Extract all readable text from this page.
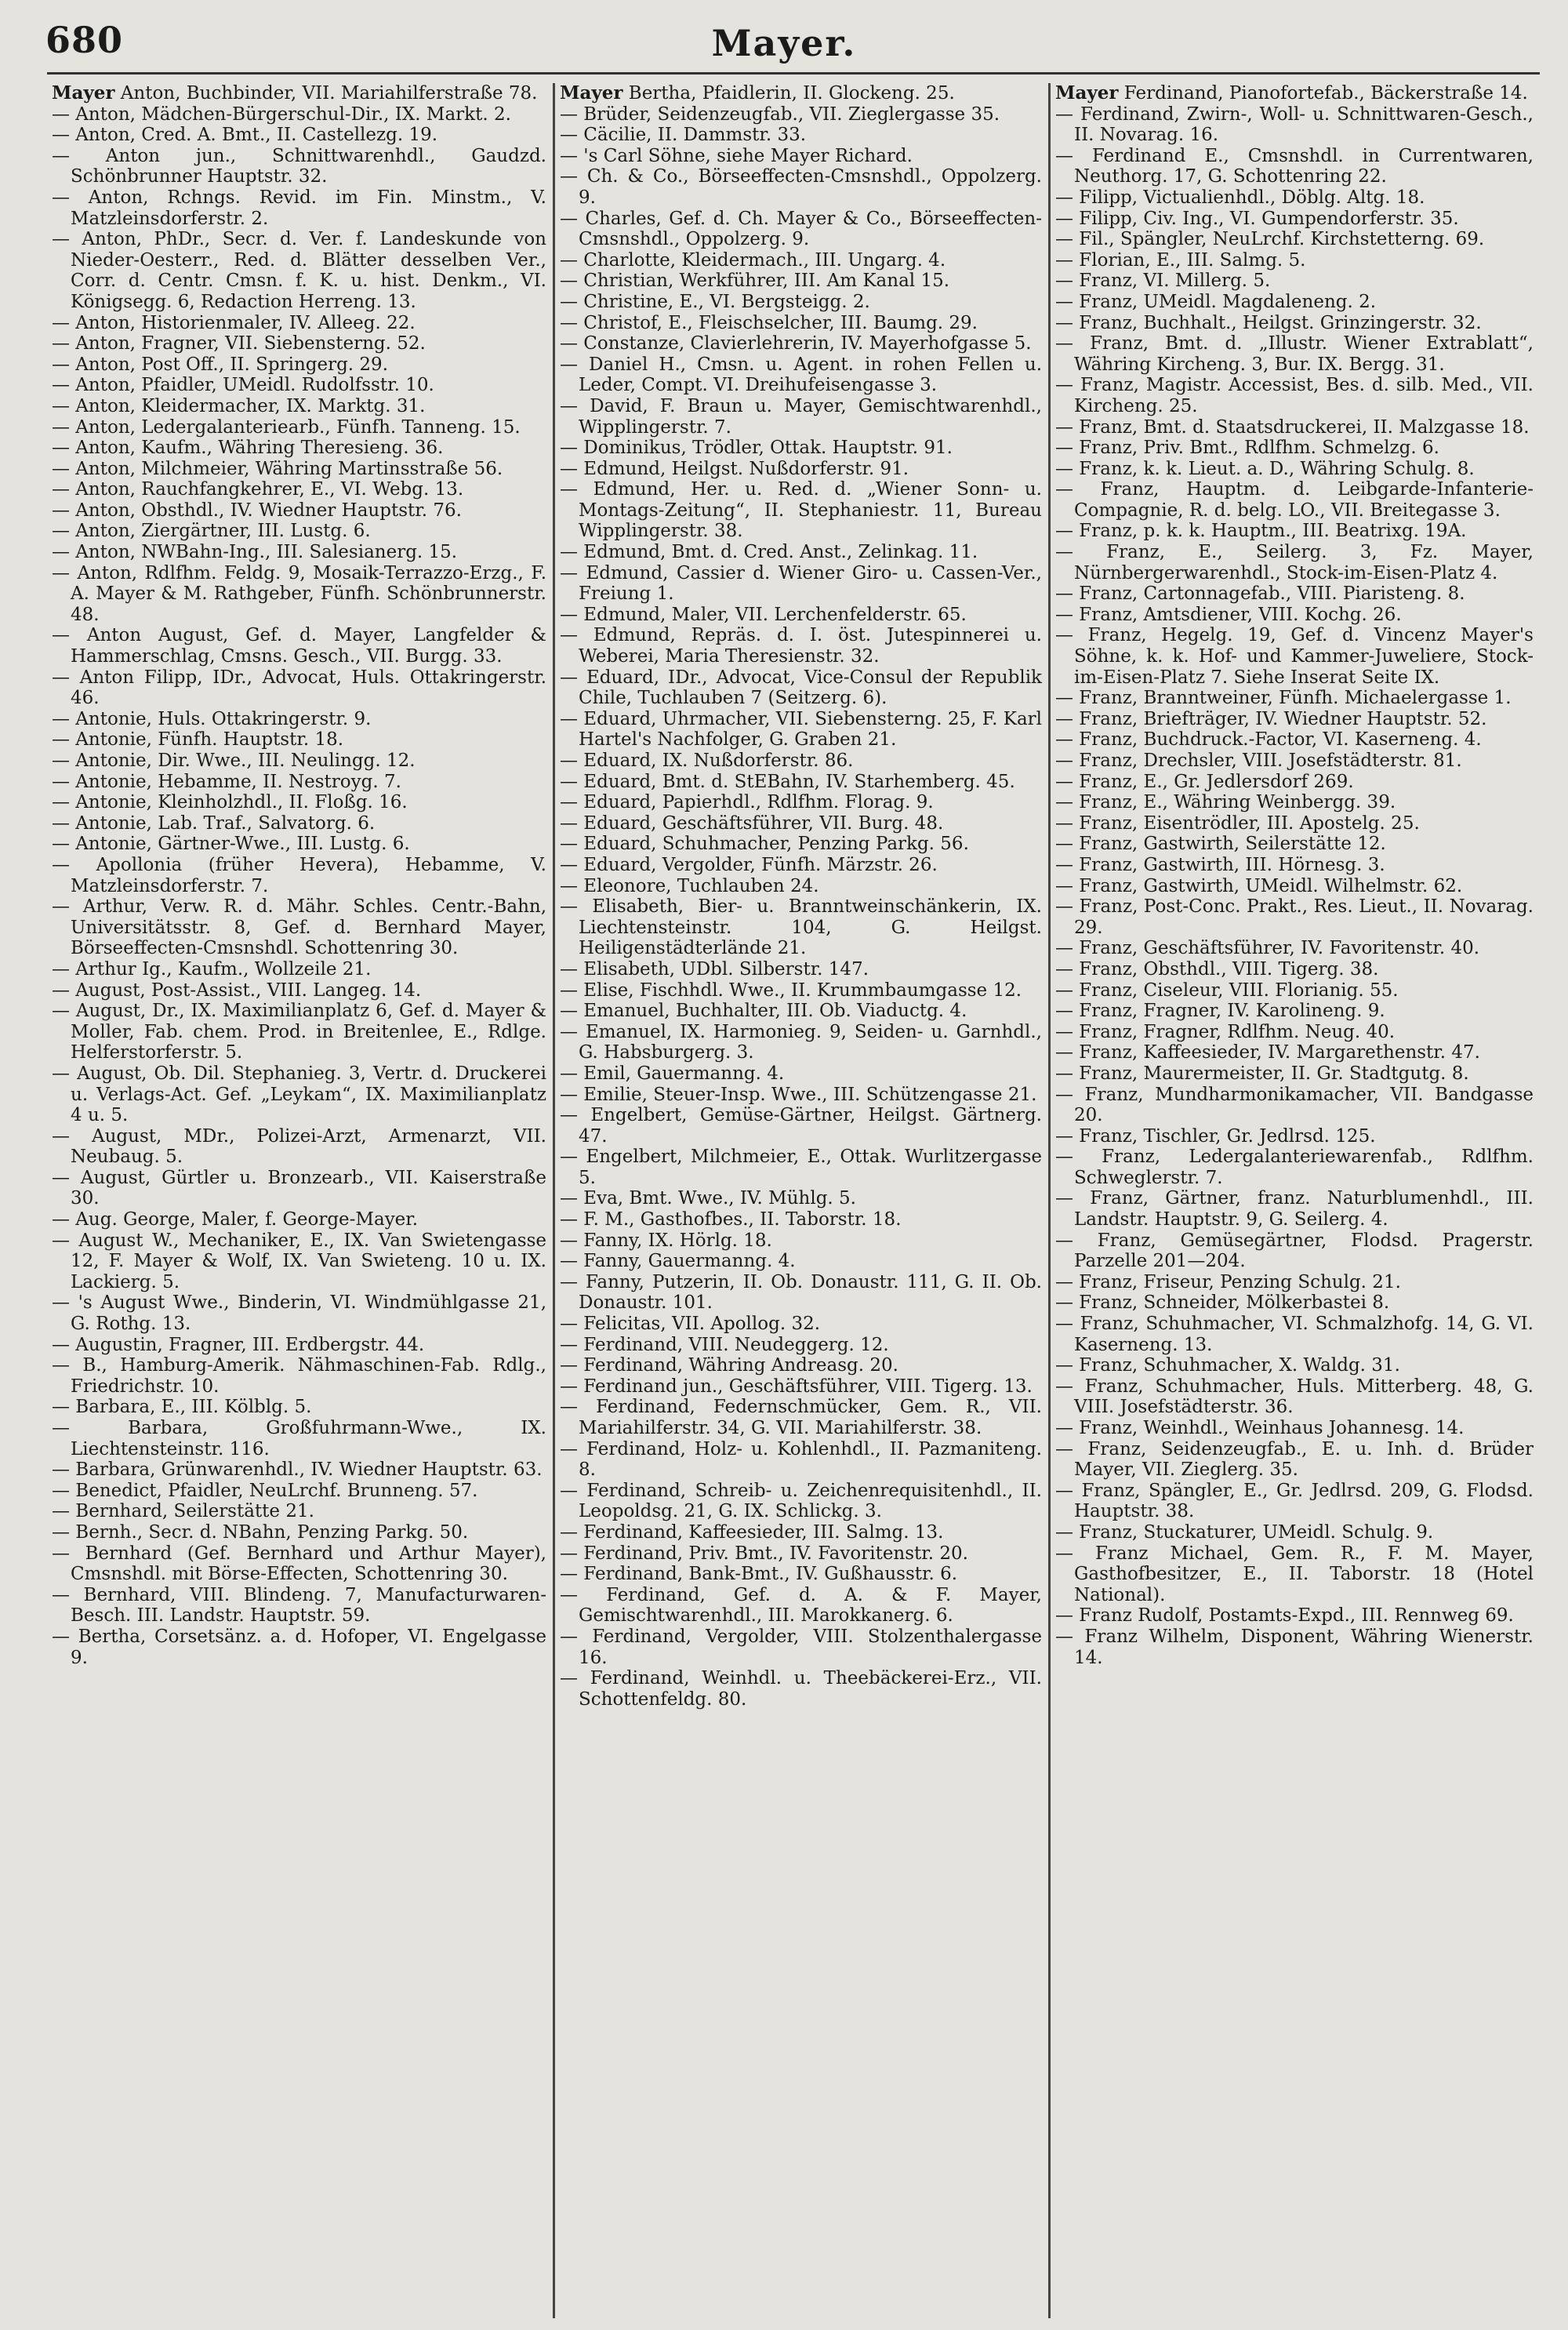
680	Mayer.
Mayer Anton, Buchbinder, VII. Mariahilferstraße 78.
— Anton, Mädchen-Bürgerschul-Dir., IX. Markt. 2.
— Anton, Cred. A. Bmt., II. Castellezg. 19.
— Anton jun., Schnittwarenhdl., Gaudzd. Schönbrunner Hauptstr. 32.
— Anton, Rchngs. Revid. im Fin. Minstm., V. Matzleinsdorferstr. 2.
— Anton, PhDr., Secr. d. Ver. f. Landeskunde von Nieder-Oesterr., Red. d. Blätter desselben Ver., Corr. d. Centr. Cmsn. f. K. u. hist. Denkm., VI. Königsegg. 6, Redaction Herreng. 13.
— Anton, Historienmaler, IV. Alleeg. 22.
— Anton, Fragner, VII. Siebensterng. 52.
— Anton, Post Off., II. Springerg. 29.
— Anton, Pfaidler, UMeidl. Rudolfsstr. 10.
— Anton, Kleidermacher, IX. Marktg. 31.
— Anton, Ledergalanteriearb., Fünfh. Tanneng. 15.
— Anton, Kaufm., Währing Theresieng. 36.
— Anton, Milchmeier, Währing Martinsstraße 56.
— Anton, Rauchfangkehrer, E., VI. Webg. 13.
— Anton, Obsthdl., IV. Wiedner Hauptstr. 76.
— Anton, Ziergärtner, III. Lustg. 6.
— Anton, NWBahn-Ing., III. Salesianerg. 15.
— Anton, Rdlfhm. Feldg. 9, Mosaik-Terrazzo-Erzg., F. A. Mayer & M. Rathgeber, Fünfh. Schönbrunnerstr. 48.
— Anton August, Gef. d. Mayer, Langfelder & Hammerschlag, Cmsns. Gesch., VII. Burgg. 33.
— Anton Filipp, IDr., Advocat, Huls. Ottakringerstr. 46.
— Antonie, Huls. Ottakringerstr. 9.
— Antonie, Fünfh. Hauptstr. 18.
— Antonie, Dir. Wwe., III. Neulingg. 12.
— Antonie, Hebamme, II. Nestroyg. 7.
— Antonie, Kleinholzhdl., II. Floßg. 16.
— Antonie, Lab. Traf., Salvatorg. 6.
— Antonie, Gärtner-Wwe., III. Lustg. 6.
— Apollonia (früher Hevera), Hebamme, V. Matzleinsdorferstr. 7.
— Arthur, Verw. R. d. Mähr. Schles. Centr.-Bahn, Universitätsstr. 8, Gef. d. Bernhard Mayer, Börseeffecten-Cmsnshdl. Schottenring 30.
— Arthur Ig., Kaufm., Wollzeile 21.
— August, Post-Assist., VIII. Langeg. 14.
— August, Dr., IX. Maximilianplatz 6, Gef. d. Mayer & Moller, Fab. chem. Prod. in Breitenlee, E., Rdlge. Helferstorferstr. 5.
— August, Ob. Dil. Stephanieg. 3, Vertr. d. Druckerei u. Verlags-Act. Gef. „Leykam“, IX. Maximilianplatz 4 u. 5.
— August, MDr., Polizei-Arzt, Armenarzt, VII. Neubaug. 5.
— August, Gürtler u. Bronzearb., VII. Kaiserstraße 30.
— Aug. George, Maler, f. George-Mayer.
— August W., Mechaniker, E., IX. Van Swietengasse 12, F. Mayer & Wolf, IX. Van Swieteng. 10 u. IX. Lackierg. 5.
— 's August Wwe., Binderin, VI. Windmühlgasse 21, G. Rothg. 13.
— Augustin, Fragner, III. Erdbergstr. 44.
— B., Hamburg-Amerik. Nähmaschinen-Fab. Rdlg., Friedrichstr. 10.
— Barbara, E., III. Kölblg. 5.
— Barbara, Großfuhrmann-Wwe., IX. Liechtensteinstr. 116.
— Barbara, Grünwarenhdl., IV. Wiedner Hauptstr. 63.
— Benedict, Pfaidler, NeuLrchf. Brunneng. 57.
— Bernhard, Seilerstätte 21.
— Bernh., Secr. d. NBahn, Penzing Parkg. 50.
— Bernhard (Gef. Bernhard und Arthur Mayer), Cmsnshdl. mit Börse-Effecten, Schottenring 30.
— Bernhard, VIII. Blindeng. 7, Manufacturwaren-Besch. III. Landstr. Hauptstr. 59.
— Bertha, Corsetsänz. a. d. Hofoper, VI. Engelgasse 9.
Mayer Bertha, Pfaidlerin, II. Glockeng. 25.
— Brüder, Seidenzeugfab., VII. Zieglergasse 35.
— Cäcilie, II. Dammstr. 33.
— 's Carl Söhne, siehe Mayer Richard.
— Ch. & Co., Börseeffecten-Cmsnshdl., Oppolzerg. 9.
— Charles, Gef. d. Ch. Mayer & Co., Börseeffecten-Cmsnshdl., Oppolzerg. 9.
— Charlotte, Kleidermach., III. Ungarg. 4.
— Christian, Werkführer, III. Am Kanal 15.
— Christine, E., VI. Bergsteigg. 2.
— Christof, E., Fleischselcher, III. Baumg. 29.
— Constanze, Clavierlehrerin, IV. Mayerhofgasse 5.
— Daniel H., Cmsn. u. Agent. in rohen Fellen u. Leder, Compt. VI. Dreihufeisengasse 3.
— David, F. Braun u. Mayer, Gemischtwarenhdl., Wipplingerstr. 7.
— Dominikus, Trödler, Ottak. Hauptstr. 91.
— Edmund, Heilgst. Nußdorferstr. 91.
— Edmund, Her. u. Red. d. „Wiener Sonn- u. Montags-Zeitung“, II. Stephaniestr. 11, Bureau Wipplingerstr. 38.
— Edmund, Bmt. d. Cred. Anst., Zelinkag. 11.
— Edmund, Cassier d. Wiener Giro- u. Cassen-Ver., Freiung 1.
— Edmund, Maler, VII. Lerchenfelderstr. 65.
— Edmund, Repräs. d. I. öst. Jutespinnerei u. Weberei, Maria Theresienstr. 32.
— Eduard, IDr., Advocat, Vice-Consul der Republik Chile, Tuchlauben 7 (Seitzerg. 6).
— Eduard, Uhrmacher, VII. Siebensterng. 25, F. Karl Hartel's Nachfolger, G. Graben 21.
— Eduard, IX. Nußdorferstr. 86.
— Eduard, Bmt. d. StEBahn, IV. Starhemberg. 45.
— Eduard, Papierhdl., Rdlfhm. Florag. 9.
— Eduard, Geschäftsführer, VII. Burg. 48.
— Eduard, Schuhmacher, Penzing Parkg. 56.
— Eduard, Vergolder, Fünfh. Märzstr. 26.
— Eleonore, Tuchlauben 24.
— Elisabeth, Bier- u. Branntweinschänkerin, IX. Liechtensteinstr. 104, G. Heilgst. Heiligenstädterlände 21.
— Elisabeth, UDbl. Silberstr. 147.
— Elise, Fischhdl. Wwe., II. Krummbaumgasse 12.
— Emanuel, Buchhalter, III. Ob. Viaductg. 4.
— Emanuel, IX. Harmonieg. 9, Seiden- u. Garnhdl., G. Habsburgerg. 3.
— Emil, Gauermanng. 4.
— Emilie, Steuer-Insp. Wwe., III. Schützengasse 21.
— Engelbert, Gemüse-Gärtner, Heilgst. Gärtnerg. 47.
— Engelbert, Milchmeier, E., Ottak. Wurlitzergasse 5.
— Eva, Bmt. Wwe., IV. Mühlg. 5.
— F. M., Gasthofbes., II. Taborstr. 18.
— Fanny, IX. Hörlg. 18.
— Fanny, Gauermanng. 4.
— Fanny, Putzerin, II. Ob. Donaustr. 111, G. II. Ob. Donaustr. 101.
— Felicitas, VII. Apollog. 32.
— Ferdinand, VIII. Neudeggerg. 12.
— Ferdinand, Währing Andreasg. 20.
— Ferdinand jun., Geschäftsführer, VIII. Tigerg. 13.
— Ferdinand, Federnschmücker, Gem. R., VII. Mariahilferstr. 34, G. VII. Mariahilferstr. 38.
— Ferdinand, Holz- u. Kohlenhdl., II. Pazmaniteng. 8.
— Ferdinand, Schreib- u. Zeichenrequisitenhdl., II. Leopoldsg. 21, G. IX. Schlickg. 3.
— Ferdinand, Kaffeesieder, III. Salmg. 13.
— Ferdinand, Priv. Bmt., IV. Favoritenstr. 20.
— Ferdinand, Bank-Bmt., IV. Gußhausstr. 6.
— Ferdinand, Gef. d. A. & F. Mayer, Gemischtwarenhdl., III. Marokkanerg. 6.
— Ferdinand, Vergolder, VIII. Stolzenthalergasse 16.
— Ferdinand, Weinhdl. u. Theebäckerei-Erz., VII. Schottenfeldg. 80.
Mayer Ferdinand, Pianofortefab., Bäckerstraße 14.
— Ferdinand, Zwirn-, Woll- u. Schnittwaren-Gesch., II. Novarag. 16.
— Ferdinand E., Cmsnshdl. in Currentwaren, Neuthorg. 17, G. Schottenring 22.
— Filipp, Victualienhdl., Döblg. Altg. 18.
— Filipp, Civ. Ing., VI. Gumpendorferstr. 35.
— Fil., Spängler, NeuLrchf. Kirchstetterng. 69.
— Florian, E., III. Salmg. 5.
— Franz, VI. Millerg. 5.
— Franz, UMeidl. Magdaleneng. 2.
— Franz, Buchhalt., Heilgst. Grinzingerstr. 32.
— Franz, Bmt. d. „Illustr. Wiener Extrablatt“, Währing Kircheng. 3, Bur. IX. Bergg. 31.
— Franz, Magistr. Accessist, Bes. d. silb. Med., VII. Kircheng. 25.
— Franz, Bmt. d. Staatsdruckerei, II. Malzgasse 18.
— Franz, Priv. Bmt., Rdlfhm. Schmelzg. 6.
— Franz, k. k. Lieut. a. D., Währing Schulg. 8.
— Franz, Hauptm. d. Leibgarde-Infanterie-Compagnie, R. d. belg. LO., VII. Breitegasse 3.
— Franz, p. k. k. Hauptm., III. Beatrixg. 19A.
— Franz, E., Seilerg. 3, Fz. Mayer, Nürnbergerwarenhdl., Stock-im-Eisen-Platz 4.
— Franz, Cartonnagefab., VIII. Piaristeng. 8.
— Franz, Amtsdiener, VIII. Kochg. 26.
— Franz, Hegelg. 19, Gef. d. Vincenz Mayer's Söhne, k. k. Hof- und Kammer-Juweliere, Stock-im-Eisen-Platz 7. Siehe Inserat Seite IX.
— Franz, Branntweiner, Fünfh. Michaelergasse 1.
— Franz, Briefträger, IV. Wiedner Hauptstr. 52.
— Franz, Buchdruck.-Factor, VI. Kaserneng. 4.
— Franz, Drechsler, VIII. Josefstädterstr. 81.
— Franz, E., Gr. Jedlersdorf 269.
— Franz, E., Währing Weinbergg. 39.
— Franz, Eisentrödler, III. Apostelg. 25.
— Franz, Gastwirth, Seilerstätte 12.
— Franz, Gastwirth, III. Hörnesg. 3.
— Franz, Gastwirth, UMeidl. Wilhelmstr. 62.
— Franz, Post-Conc. Prakt., Res. Lieut., II. Novarag. 29.
— Franz, Geschäftsführer, IV. Favoritenstr. 40.
— Franz, Obsthdl., VIII. Tigerg. 38.
— Franz, Ciseleur, VIII. Florianig. 55.
— Franz, Fragner, IV. Karolineng. 9.
— Franz, Fragner, Rdlfhm. Neug. 40.
— Franz, Kaffeesieder, IV. Margarethenstr. 47.
— Franz, Maurermeister, II. Gr. Stadtgutg. 8.
— Franz, Mundharmonikamacher, VII. Bandgasse 20.
— Franz, Tischler, Gr. Jedlrsd. 125.
— Franz, Ledergalanteriewarenfab., Rdlfhm. Schweglerstr. 7.
— Franz, Gärtner, franz. Naturblumenhdl., III. Landstr. Hauptstr. 9, G. Seilerg. 4.
— Franz, Gemüsegärtner, Flodsd. Pragerstr. Parzelle 201—204.
— Franz, Friseur, Penzing Schulg. 21.
— Franz, Schneider, Mölkerbastei 8.
— Franz, Schuhmacher, VI. Schmalzhofg. 14, G. VI. Kaserneng. 13.
— Franz, Schuhmacher, X. Waldg. 31.
— Franz, Schuhmacher, Huls. Mitterberg. 48, G. VIII. Josefstädterstr. 36.
— Franz, Weinhdl., Weinhaus Johannesg. 14.
— Franz, Seidenzeugfab., E. u. Inh. d. Brüder Mayer, VII. Zieglerg. 35.
— Franz, Spängler, E., Gr. Jedlrsd. 209, G. Flodsd. Hauptstr. 38.
— Franz, Stuckaturer, UMeidl. Schulg. 9.
— Franz Michael, Gem. R., F. M. Mayer, Gasthofbesitzer, E., II. Taborstr. 18 (Hotel National).
— Franz Rudolf, Postamts-Expd., III. Rennweg 69.
— Franz Wilhelm, Disponent, Währing Wienerstr. 14.
